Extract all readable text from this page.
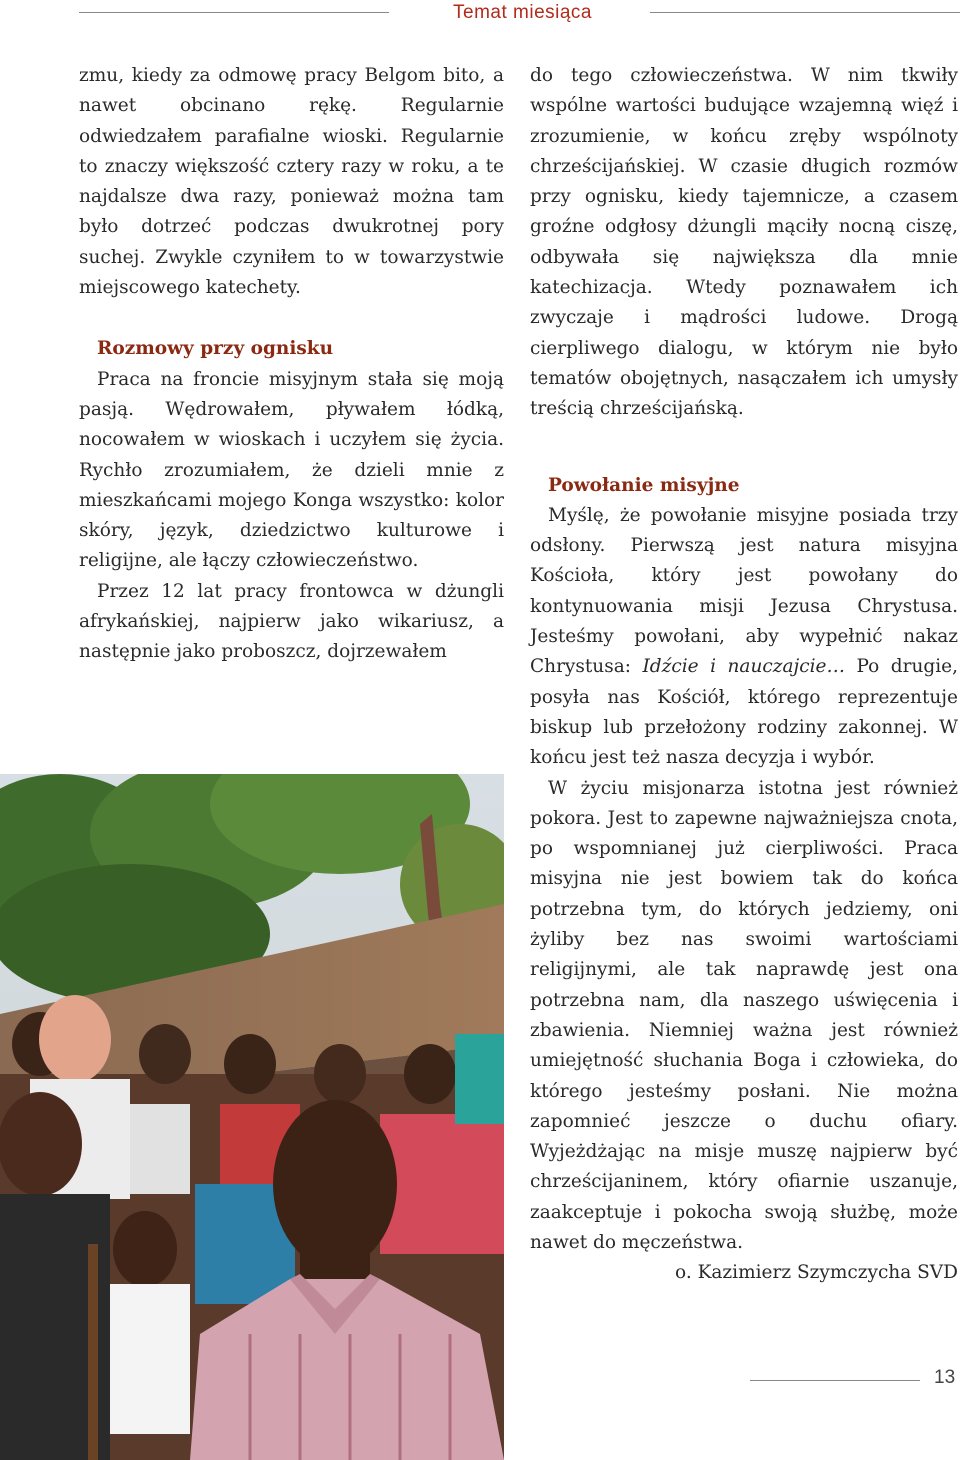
Temat miesiąca

zmu, kiedy za odmowę pracy Belgom bito, a nawet obcinano rękę. Regularnie odwiedzałem parafialne wioski. Regularnie to znaczy większość cztery razy w roku, a te najdalsze dwa razy, ponieważ można tam było dotrzeć podczas dwukrotnej pory suchej. Zwykle czyniłem to w towarzystwie miejscowego katechety.

Rozmowy przy ognisku

Praca na froncie misyjnym stała się moją pasją. Wędrowałem, pływałem łódką, nocowałem w wioskach i uczyłem się życia. Rychło zrozumiałem, że dzieli mnie z mieszkańcami mojego Konga wszystko: kolor skóry, język, dziedzictwo kulturowe i religijne, ale łączy człowieczeństwo.

Przez 12 lat pracy frontowca w dżungli afrykańskiej, najpierw jako wikariusz, a następnie jako proboszcz, dojrzewałem

do tego człowieczeństwa. W nim tkwiły wspólne wartości budujące wzajemną więź i zrozumienie, w końcu zręby wspólnoty chrześcijańskiej. W czasie długich rozmów przy ognisku, kiedy tajemnicze, a czasem groźne odgłosy dżungli mąciły nocną ciszę, odbywała się największa dla mnie katechizacja. Wtedy poznawałem ich zwyczaje i mądrości ludowe. Drogą cierpliwego dialogu, w którym nie było tematów obojętnych, nasączałem ich umysły treścią chrześcijańską.

Powołanie misyjne

Myślę, że powołanie misyjne posiada trzy odsłony. Pierwszą jest natura misyjna Kościoła, który jest powołany do kontynuowania misji Jezusa Chrystusa. Jesteśmy powołani, aby wypełnić nakaz Chrystusa: Idźcie i nauczajcie… Po drugie, posyła nas Kościół, którego reprezentuje biskup lub przełożony rodziny zakonnej. W końcu jest też nasza decyzja i wybór.

W życiu misjonarza istotna jest również pokora. Jest to zapewne najważniejsza cnota, po wspomnianej już cierpliwości. Praca misyjna nie jest bowiem tak do końca potrzebna tym, do których jedziemy, oni żyliby bez nas swoimi wartościami religijnymi, ale tak naprawdę jest ona potrzebna nam, dla naszego uświęcenia i zbawienia. Niemniej ważna jest również umiejętność słuchania Boga i człowieka, do którego jesteśmy posłani. Nie można zapomnieć jeszcze o duchu ofiary. Wyjeżdżając na misje muszę najpierw być chrześcijaninem, który ofiarnie uszanuje, zaakceptuje i pokocha swoją służbę, może nawet do męczeństwa.

o. Kazimierz Szymczycha SVD

13
